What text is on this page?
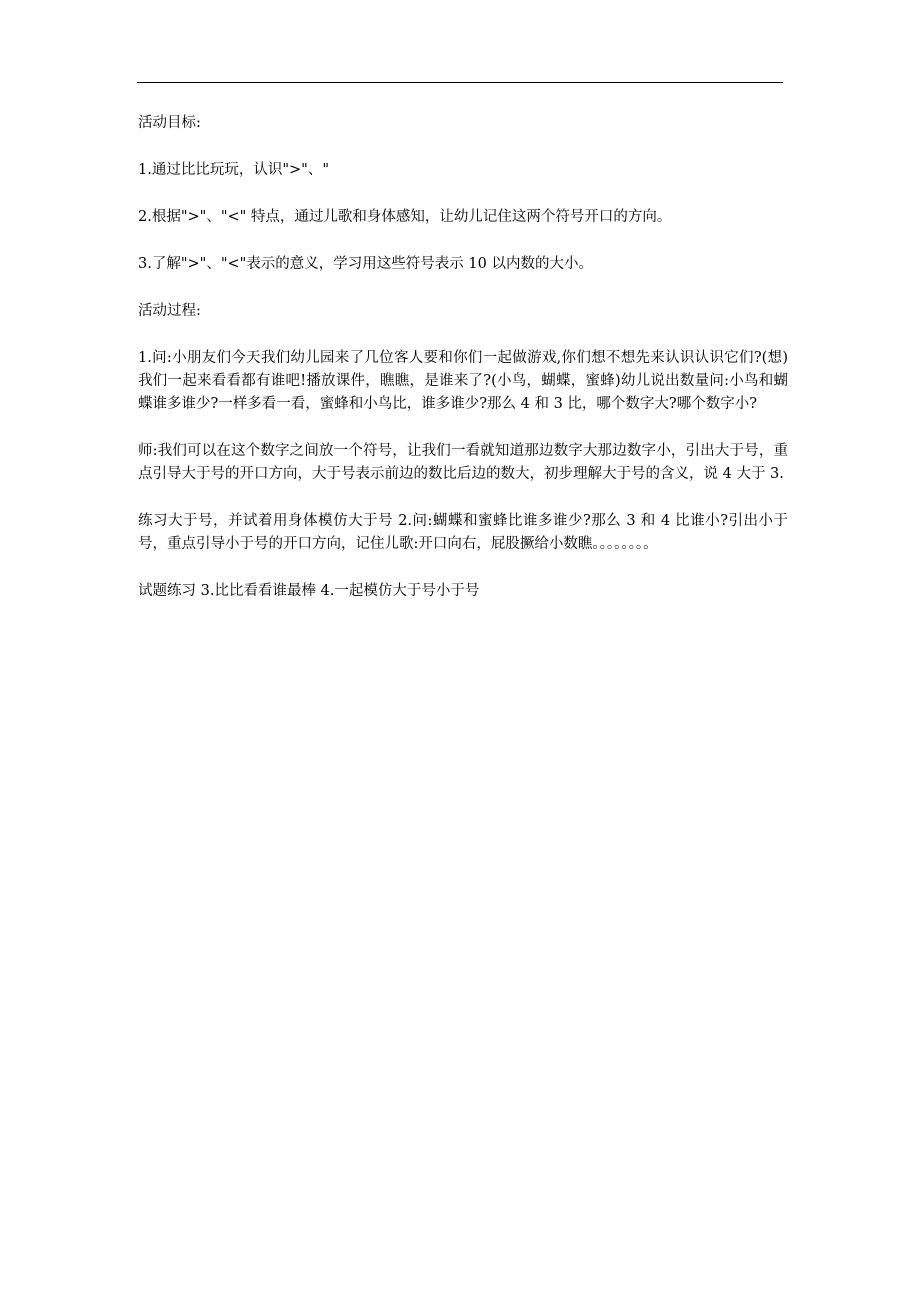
活动目标:

1.通过比比玩玩，认识">"、"

2.根据">"、"<" 特点，通过儿歌和身体感知，让幼儿记住这两个符号开口的方向。

3.了解">"、"<"表示的意义，学习用这些符号表示 10 以内数的大小。

活动过程:

1.问:小朋友们今天我们幼儿园来了几位客人要和你们一起做游戏,你们想不想先来认识认识它们?(想)我们一起来看看都有谁吧!播放课件，瞧瞧，是谁来了?(小鸟，蝴蝶，蜜蜂)幼儿说出数量问:小鸟和蝴蝶谁多谁少?一样多看一看，蜜蜂和小鸟比，谁多谁少?那么 4 和 3 比，哪个数字大?哪个数字小?

师:我们可以在这个数字之间放一个符号，让我们一看就知道那边数字大那边数字小，引出大于号，重点引导大于号的开口方向，大于号表示前边的数比后边的数大，初步理解大于号的含义，说 4 大于 3.

练习大于号，并试着用身体模仿大于号 2.问:蝴蝶和蜜蜂比谁多谁少?那么 3 和 4 比谁小?引出小于号，重点引导小于号的开口方向，记住儿歌:开口向右，屁股撅给小数瞧。。。。。。。。

试题练习 3.比比看看谁最棒 4.一起模仿大于号小于号
